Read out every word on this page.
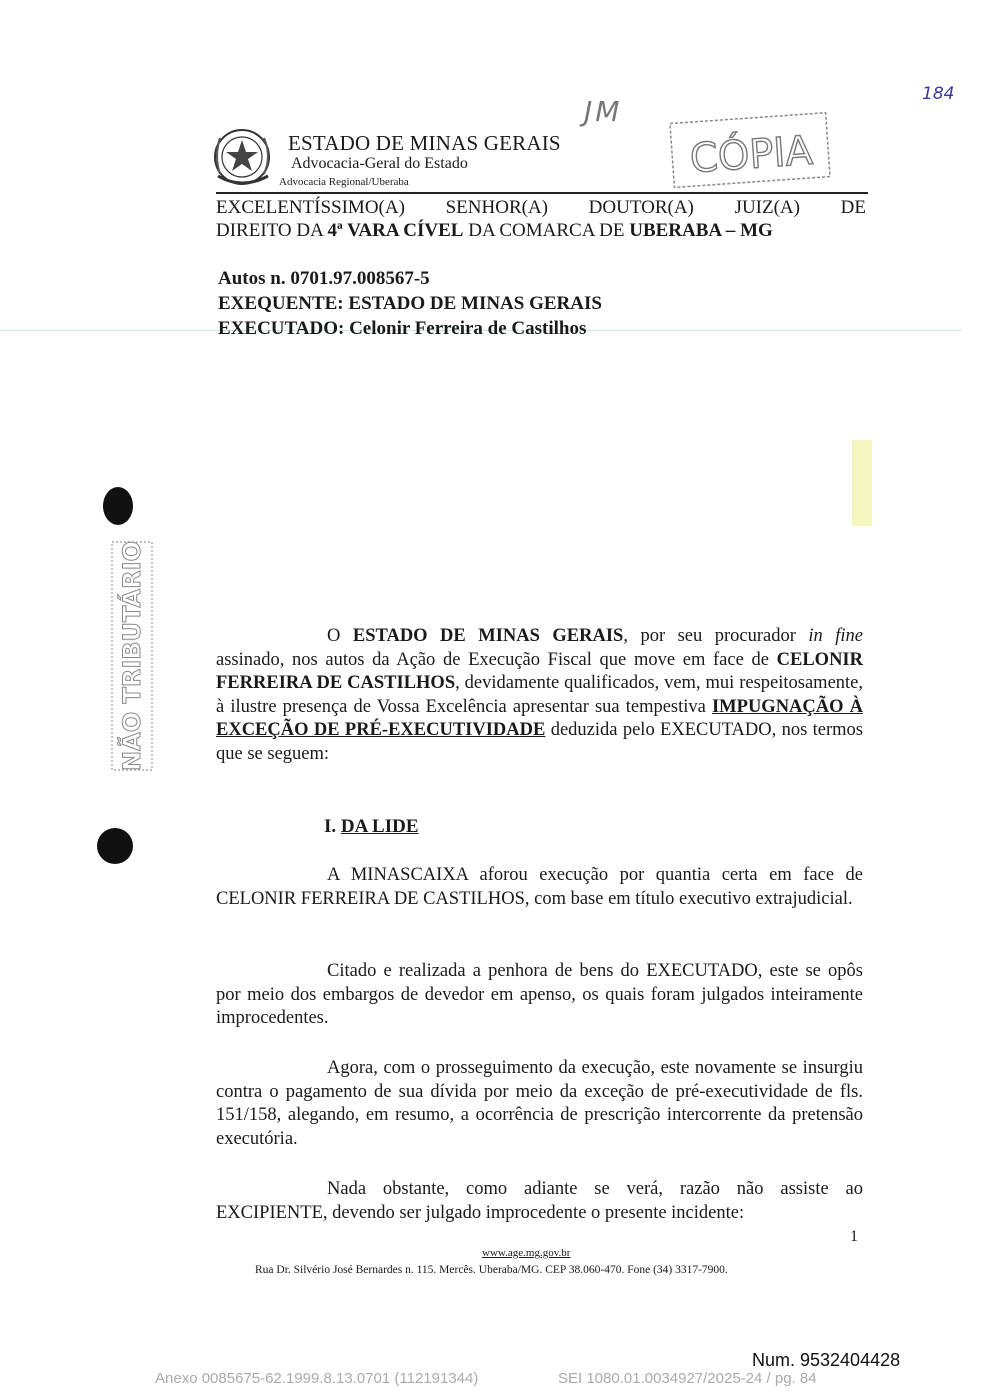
JM
184
CÓPIA
NÃO TRIBUTÁRIO
ESTADO DE MINAS GERAIS
Advocacia-Geral do Estado
Advocacia Regional/Uberaba
EXCELENTÍSSIMO(A) SENHOR(A) DOUTOR(A) JUIZ(A) DE
DIREITO DA 4ª VARA CÍVEL DA COMARCA DE UBERABA – MG
Autos n. 0701.97.008567-5
EXEQUENTE: ESTADO DE MINAS GERAIS
EXECUTADO: Celonir Ferreira de Castilhos
O ESTADO DE MINAS GERAIS, por seu procurador in fine assinado, nos autos da Ação de Execução Fiscal que move em face de CELONIR FERREIRA DE CASTILHOS, devidamente qualificados, vem, mui respeitosamente, à ilustre presença de Vossa Excelência apresentar sua tempestiva IMPUGNAÇÃO À EXCEÇÃO DE PRÉ-EXECUTIVIDADE deduzida pelo EXECUTADO, nos termos que se seguem:
I. DA LIDE
A MINASCAIXA aforou execução por quantia certa em face de CELONIR FERREIRA DE CASTILHOS, com base em título executivo extrajudicial.
Citado e realizada a penhora de bens do EXECUTADO, este se opôs por meio dos embargos de devedor em apenso, os quais foram julgados inteiramente improcedentes.
Agora, com o prosseguimento da execução, este novamente se insurgiu contra o pagamento de sua dívida por meio da exceção de pré-executividade de fls. 151/158, alegando, em resumo, a ocorrência de prescrição intercorrente da pretensão executória.
Nada obstante, como adiante se verá, razão não assiste ao EXCIPIENTE, devendo ser julgado improcedente o presente incidente:
1
www.age.mg.gov.br
Rua Dr. Silvério José Bernardes n. 115. Mercês. Uberaba/MG. CEP 38.060-470. Fone (34) 3317-7900.
Num. 9532404428
Anexo 0085675-62.1999.8.13.0701 (112191344)	SEI 1080.01.0034927/2025-24 / pg. 84
